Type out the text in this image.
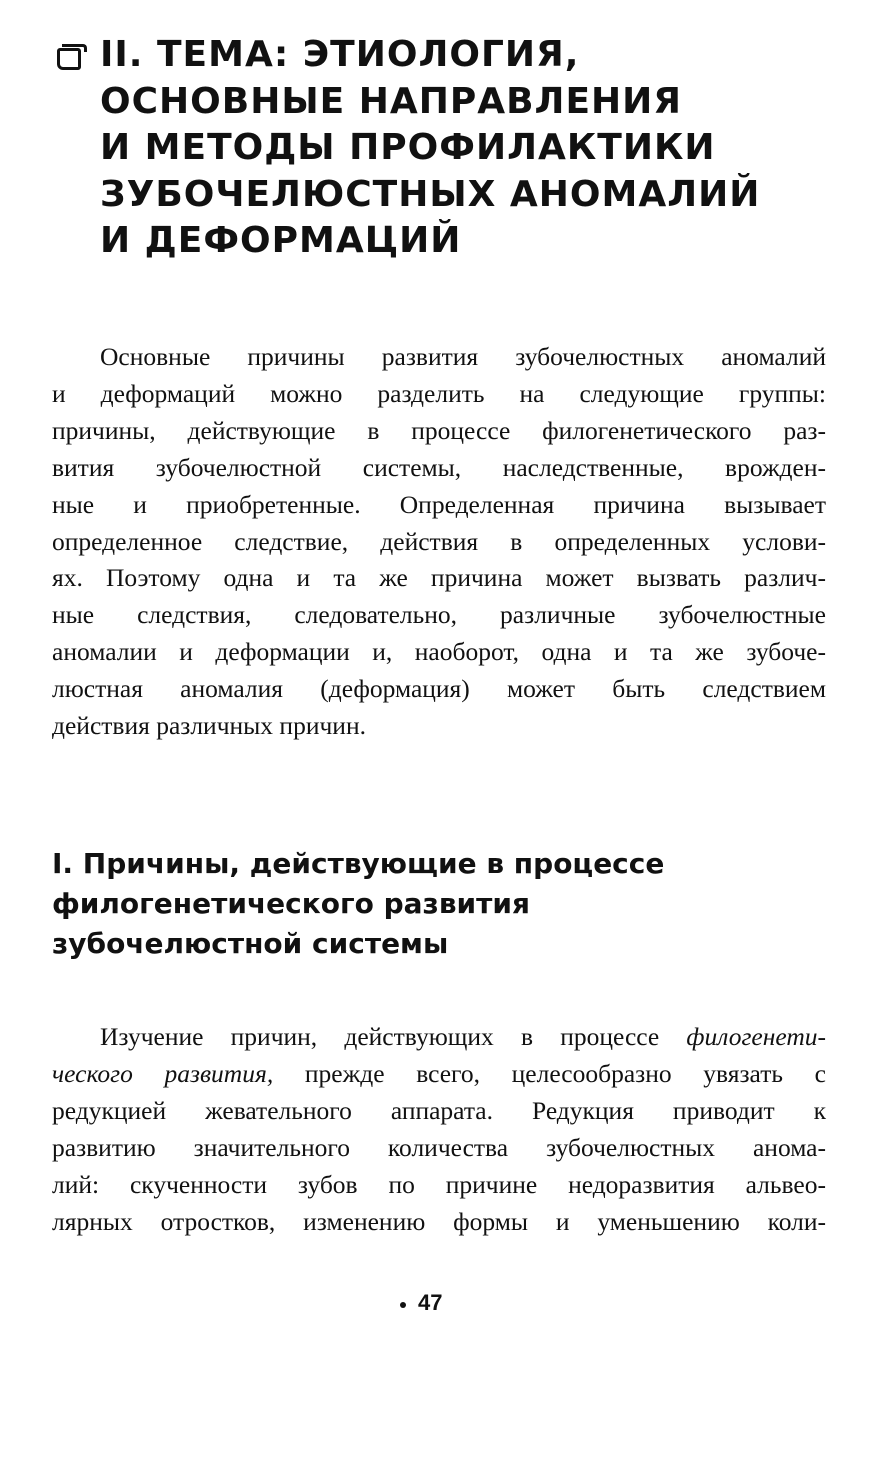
II. ТЕМА: ЭТИОЛОГИЯ,
ОСНОВНЫЕ НАПРАВЛЕНИЯ
И МЕТОДЫ ПРОФИЛАКТИКИ
ЗУБОЧЕЛЮСТНЫХ АНОМАЛИЙ
И ДЕФОРМАЦИЙ
Основные причины развития зубочелюстных аномалий
и деформаций можно разделить на следующие группы:
причины, действующие в процессе филогенетического раз-
вития зубочелюстной системы, наследственные, врожден-
ные и приобретенные. Определенная причина вызывает
определенное следствие, действия в определенных услови-
ях. Поэтому одна и та же причина может вызвать различ-
ные следствия, следовательно, различные зубочелюстные
аномалии и деформации и, наоборот, одна и та же зубоче-
люстная аномалия (деформация) может быть следствием
действия различных причин.
I. Причины, действующие в процессе
филогенетического развития
зубочелюстной системы
Изучение причин, действующих в процессе филогенети-
ческого развития, прежде всего, целесообразно увязать с
редукцией жевательного аппарата. Редукция приводит к
развитию значительного количества зубочелюстных анома-
лий: скученности зубов по причине недоразвития альвео-
лярных отростков, изменению формы и уменьшению коли-
47
